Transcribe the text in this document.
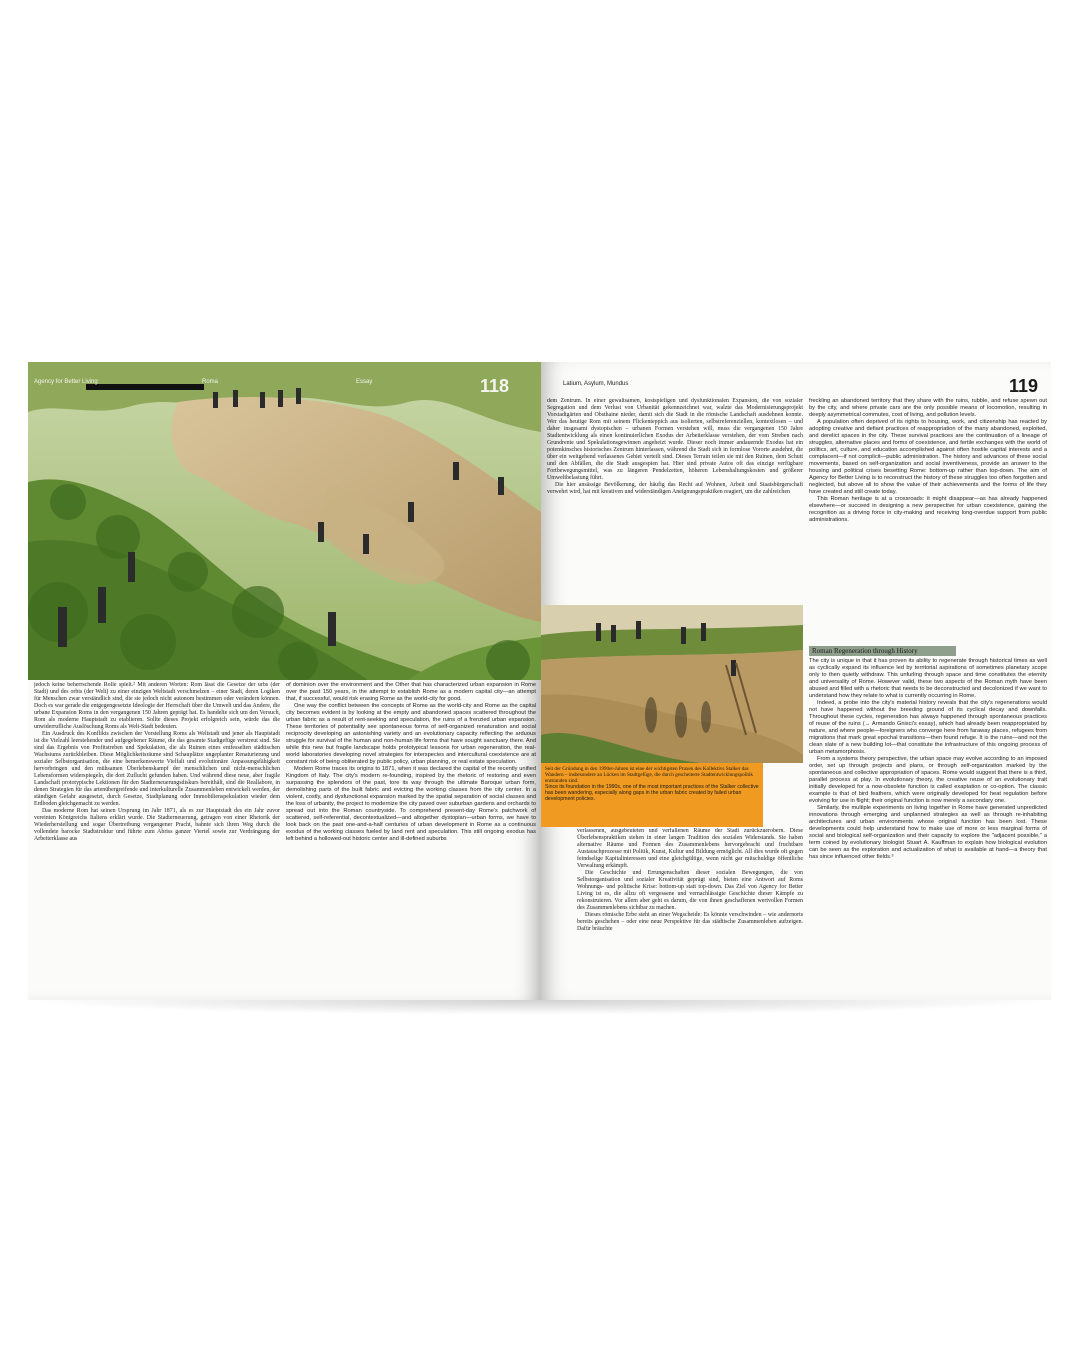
Agency for Better Living	Roma	Essay	118

jedoch keine beherrschende Rolle spielt.² Mit anderen Worten: Rom lässt die Gesetze der urbs (der Stadt) und des orbis (der Welt) zu einer einzigen Weltstadt verschmelzen – einer Stadt, deren Logiken für Menschen zwar verständlich sind, die sie jedoch nicht autonom bestimmen oder verändern können. Doch es war gerade die entgegengesetzte Ideologie der Herrschaft über die Umwelt und das Andere, die urbane Expansion Roms in den vergangenen 150 Jahren geprägt hat. Es handelte sich um den Versuch, Rom als moderne Hauptstadt zu etablieren. Sollte dieses Projekt erfolgreich sein, würde das die unwiderrufliche Auslöschung Roms als Welt-Stadt bedeuten.

Ein Ausdruck des Konflikts zwischen der Vorstellung Roms als Weltstadt und jener als Hauptstadt ist die Vielzahl leerstehender und aufgegebener Räume, die das gesamte Stadtgefüge verstreut sind. Sie sind das Ergebnis von Profitstreben und Spekulation, die als Ruinen eines entfesselten städtischen Wachstums zurückbleiben. Diese Möglichkeitsräume sind Schauplätze ungeplanter Renaturierung und sozialer Selbstorganisation, die eine bemerkenswerte Vielfalt und evolutionäre Anpassungsfähigkeit hervorbringen und den mühsamen Überlebenskampf der menschlichen und nicht-menschlichen Lebensformen widerspiegeln, die dort Zuflucht gefunden haben. Und während diese neue, aber fragile Landschaft prototypische Lektionen für den Stadterneuerungsdiskurs bereithält, sind die Reallabore, in denen Strategien für das artenübergreifende und interkulturelle Zusammenleben entwickelt werden, der ständigen Gefahr ausgesetzt, durch Gesetze, Stadtplanung oder Immobilienspekulation wieder dem Erdboden gleichgemacht zu werden.

Das moderne Rom hat seinen Ursprung im Jahr 1871, als es zur Hauptstadt des ein Jahr zuvor vereinten Königreichs Italiens erklärt wurde. Die Stadterneuerung, getragen von einer Rhetorik der Wiederherstellung und sogar Übertreibung vergangener Pracht, bahnte sich ihren Weg durch die vollendete barocke Stadtstruktur und führte zum Abriss ganzer Viertel sowie zur Verdrängung der Arbeiterklasse aus

of dominion over the environment and the Other that has characterized urban expansion in Rome over the past 150 years, in the attempt to establish Rome as a modern capital city—an attempt that, if successful, would risk erasing Rome as the world-city for good.

One way the conflict between the concepts of Rome as the world-city and Rome as the capital city becomes evident is by looking at the empty and abandoned spaces scattered throughout the urban fabric as a result of rent-seeking and speculation, the ruins of a frenzied urban expansion. These territories of potentiality see spontaneous forms of self-organized renaturation and social reciprocity developing an astonishing variety and an evolutionary capacity reflecting the arduous struggle for survival of the human and non-human life forms that have sought sanctuary there. And while this new but fragile landscape holds prototypical lessons for urban regeneration, the real-world laboratories developing novel strategies for interspecies and intercultural coexistence are at constant risk of being obliterated by public policy, urban planning, or real estate speculation.

Modern Rome traces its origins to 1871, when it was declared the capital of the recently unified Kingdom of Italy. The city's modern re-founding, inspired by the rhetoric of restoring and even surpassing the splendors of the past, tore its way through the ultimate Baroque urban form, demolishing parts of the built fabric and evicting the working classes from the city center. In a violent, costly, and dysfunctional expansion marked by the spatial separation of social classes and the loss of urbanity, the project to modernize the city paved over suburban gardens and orchards to spread out into the Roman countryside. To comprehend present-day Rome's patchwork of scattered, self-referential, decontextualized—and altogether dystopian—urban forms, we have to look back on the past one-and-a-half centuries of urban development in Rome as a continuous exodus of the working classes fueled by land rent and speculation. This still ongoing exodus has left behind a hollowed-out historic center and ill-defined suburbs

Latium, Asylum, Mundus	119

dem Zentrum. In einer gewaltsamen, kostspieligen und dysfunktionalen Expansion, die von sozialer Segregation und dem Verlust von Urbanität gekennzeichnet war, walzte das Modernisierungsprojekt Vorstadtgärten und Obsthaine nieder, damit sich die Stadt in die römische Landschaft ausdehnen konnte. Wer das heutige Rom mit seinem Flickenteppich aus isolierten, selbstreferenziellen, kontextlosen – und daher insgesamt dystopischen – urbanen Formen verstehen will, muss die vergangenen 150 Jahre Stadtentwicklung als einen kontinuierlichen Exodus der Arbeiterklasse verstehen, der vom Streben nach Grundrente und Spekulationsgewinnen angeheizt wurde. Dieser noch immer andauernde Exodus hat ein potemkinsches historisches Zentrum hinterlassen, während die Stadt sich in formlose Vororte ausdehnt, die über ein weitgehend verlassenes Gebiet verteilt sind. Dieses Terrain teilen sie mit den Ruinen, dem Schutt und den Abfällen, die die Stadt ausgespien hat. Hier sind private Autos oft das einzige verfügbare Fortbewegungsmittel, was zu längeren Pendelzeiten, höheren Lebenshaltungskosten und größerer Umweltbelastung führt.

Die hier ansässige Bevölkerung, der häufig das Recht auf Wohnen, Arbeit und Staatsbürgerschaft verwehrt wird, hat mit kreativen und widerständigen Aneignungspraktiken reagiert, um die zahlreichen

Seit der Gründung in den 1990er-Jahren ist eine der wichtigsten Praxen des Kollektivs Stalker das Wandern – insbesondere an Lücken im Stadtgefüge, die durch gescheiterte Stadtentwicklungspolitik entstanden sind.
Since its foundation in the 1990s, one of the most important practices of the Stalker collective has been wandering, especially along gaps in the urban fabric created by failed urban development policies.

verlassenen, ausgebeuteten und verfallenen Räume der Stadt zurückzuerobern. Diese Überlebenspraktiken stehen in einer langen Tradition des sozialen Widerstands. Sie haben alternative Räume und Formen des Zusammenlebens hervorgebracht und fruchtbare Austauschprozesse mit Politik, Kunst, Kultur und Bildung ermöglicht. All dies wurde oft gegen feindselige Kapitalinteressen und eine gleichgültige, wenn nicht gar mitschuldige öffentliche Verwaltung erkämpft.

Die Geschichte und Errungenschaften dieser sozialen Bewegungen, die von Selbstorganisation und sozialer Kreativität geprägt sind, bieten eine Antwort auf Roms Wohnungs- und politische Krise: bottom-up statt top-down. Das Ziel von Agency for Better Living ist es, die allzu oft vergessene und vernachlässigte Geschichte dieser Kämpfe zu rekonstruieren. Vor allem aber geht es darum, die von ihnen geschaffenen wertvollen Formen des Zusammenlebens sichtbar zu machen.

Dieses römische Erbe steht an einer Wegscheide: Es könnte verschwinden – wie andernorts bereits geschehen – oder eine neue Perspektive für das städtische Zusammenleben aufzeigen. Dafür bräuchte

freckling an abandoned territory that they share with the ruins, rubble, and refuse spewn out by the city, and where private cars are the only possible means of locomotion, resulting in deeply asymmetrical commutes, cost of living, and pollution levels.

A population often deprived of its rights to housing, work, and citizenship has reacted by adopting creative and defiant practices of reappropriation of the many abandoned, exploited, and derelict spaces in the city. These survival practices are the continuation of a lineage of struggles, alternative places and forms of coexistence, and fertile exchanges with the world of politics, art, culture, and education accomplished against often hostile capital interests and a complacent—if not complicit—public administration. The history and advances of these social movements, based on self-organization and social inventiveness, provide an answer to the housing and political crises besetting Rome: bottom-up rather than top-down. The aim of Agency for Better Living is to reconstruct the history of these struggles too often forgotten and neglected, but above all to show the value of their achievements and the forms of life they have created and still create today.

This Roman heritage is at a crossroads: it might disappear—as has already happened elsewhere—or succeed in designing a new perspective for urban coexistence, gaining the recognition as a driving force in city-making and receiving long-overdue support from public administrations.

Roman Regeneration through History

The city is unique in that it has proven its ability to regenerate through historical times as well as cyclically expand its influence led by territorial aspirations of sometimes planetary scope only to then quietly withdraw. This unfurling through space and time constitutes the eternity and universality of Rome. However valid, these two aspects of the Roman myth have been abused and filled with a rhetoric that needs to be deconstructed and decolonized if we want to understand how they relate to what is currently occurring in Rome.

Indeed, a probe into the city's material history reveals that the city's regenerations would not have happened without the breeding ground of its cyclical decay and downfalls. Throughout these cycles, regeneration has always happened through spontaneous practices of reuse of the ruins (→ Armando Gnisci's essay), which had already been reappropriated by nature, and where people—foreigners who converge here from faraway places, refugees from migrations that mark great epochal transitions—then found refuge. It is the ruins—and not the clean slate of a new building lot—that constitute the infrastructure of this ongoing process of urban metamorphosis.

From a systems theory perspective, the urban space may evolve according to an imposed order, set up through projects and plans, or through self-organization marked by the spontaneous and collective appropriation of spaces. Rome would suggest that there is a third, parallel process at play. In evolutionary theory, the creative reuse of an evolutionary trait initially developed for a now-obsolete function is called exaptation or co-option. The classic example is that of bird feathers, which were originally developed for heat regulation before evolving for use in flight; their original function is now merely a secondary one.

Similarly, the multiple experiments on living together in Rome have generated unpredicted innovations through emerging and unplanned strategies as well as through re-inhabiting architectures and urban environments whose original function has been lost. These developments could help understand how to make use of more or less marginal forms of social and biological self-organization and their capacity to explore the "adjacent possible," a term coined by evolutionary biologist Stuart A. Kauffman to explain how biological evolution can be seen as the exploration and actualization of what is available at hand—a theory that has since influenced other fields.³
